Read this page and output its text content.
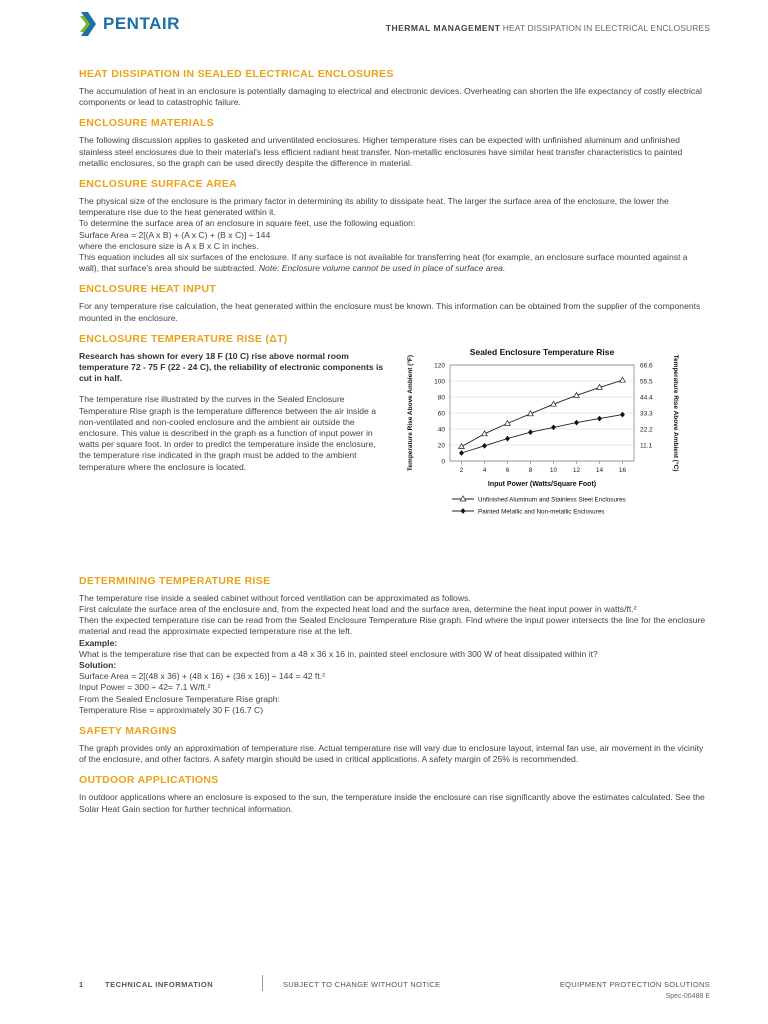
PENTAIR	THERMAL MANAGEMENT HEAT DISSIPATION IN ELECTRICAL ENCLOSURES
HEAT DISSIPATION IN SEALED ELECTRICAL ENCLOSURES

The accumulation of heat in an enclosure is potentially damaging to electrical and electronic devices. Overheating can shorten the life expectancy of costly electrical components or lead to catastrophic failure.

ENCLOSURE MATERIALS

The following discussion applies to gasketed and unventilated enclosures. Higher temperature rises can be expected with unfinished aluminum and unfinished stainless steel enclosures due to their material's less efficient radiant heat transfer. Non-metallic enclosures have similar heat transfer characteristics to painted metallic enclosures, so the graph can be used directly despite the difference in material.

ENCLOSURE SURFACE AREA

The physical size of the enclosure is the primary factor in determining its ability to dissipate heat. The larger the surface area of the enclosure, the lower the temperature rise due to the heat generated within it.

To determine the surface area of an enclosure in square feet, use the following equation:

Surface Area = 2[(A x B) + (A x C) + (B x C)] ÷ 144

where the enclosure size is A x B x C in inches.

This equation includes all six surfaces of the enclosure. If any surface is not available for transferring heat (for example, an enclosure surface mounted against a wall), that surface's area should be subtracted. Note: Enclosure volume cannot be used in place of surface area.

ENCLOSURE HEAT INPUT

For any temperature rise calculation, the heat generated within the enclosure must be known. This information can be obtained from the supplier of the components mounted in the enclosure.

ENCLOSURE TEMPERATURE RISE (ΔT)

Research has shown for every 18 F (10 C) rise above normal room temperature 72 - 75 F (22 - 24 C), the reliability of electronic components is cut in half.

The temperature rise illustrated by the curves in the Sealed Enclosure Temperature Rise graph is the temperature difference between the air inside a non-ventilated and non-cooled enclosure and the ambient air outside the enclosure. This value is described in the graph as a function of input power in watts per square foot. In order to predict the temperature inside the enclosure, the temperature rise indicated in the graph must be added to the ambient temperature where the enclosure is located.

Sealed Enclosure Temperature Rise
0
20
40
60
80
100
120
2	4	6	8	10 12 14 16
11.1
22.2
33.3
44.4
55.5
66.6
Input Power (Watts/Square Foot)
Temperature Rise Above Ambient (°F)	Temperature Rise Above Ambient (°C)
Unfinished Aluminum and Stainless Steel Enclosures
Painted Metallic and Non-metallic Enclosures
DETERMINING TEMPERATURE RISE

The temperature rise inside a sealed cabinet without forced ventilation can be approximated as follows.

First calculate the surface area of the enclosure and, from the expected heat load and the surface area, determine the heat input power in watts/ft.²

Then the expected temperature rise can be read from the Sealed Enclosure Temperature Rise graph. Find where the input power intersects the line for the enclosure material and read the approximate expected temperature rise at the left.

Example:

What is the temperature rise that can be expected from a 48 x 36 x 16 in. painted steel enclosure with 300 W of heat dissipated within it?

Solution:

Surface Area = 2[(48 x 36) + (48 x 16) + (36 x 16)] ÷ 144 = 42 ft.²

Input Power = 300 ÷ 42= 7.1 W/ft.²

From the Sealed Enclosure Temperature Rise graph:

Temperature Rise = approximately 30 F (16.7 C)

SAFETY MARGINS

The graph provides only an approximation of temperature rise. Actual temperature rise will vary due to enclosure layout, internal fan use, air movement in the vicinity of the enclosure, and other factors. A safety margin should be used in critical applications. A safety margin of 25% is recommended.

OUTDOOR APPLICATIONS

In outdoor applications where an enclosure is exposed to the sun, the temperature inside the enclosure can rise significantly above the estimates calculated. See the Solar Heat Gain section for further technical information.

1	TECHNICAL INFORMATION	SUBJECT TO CHANGE WITHOUT NOTICE	EQUIPMENT PROTECTION SOLUTIONS
Spec-00488 E
